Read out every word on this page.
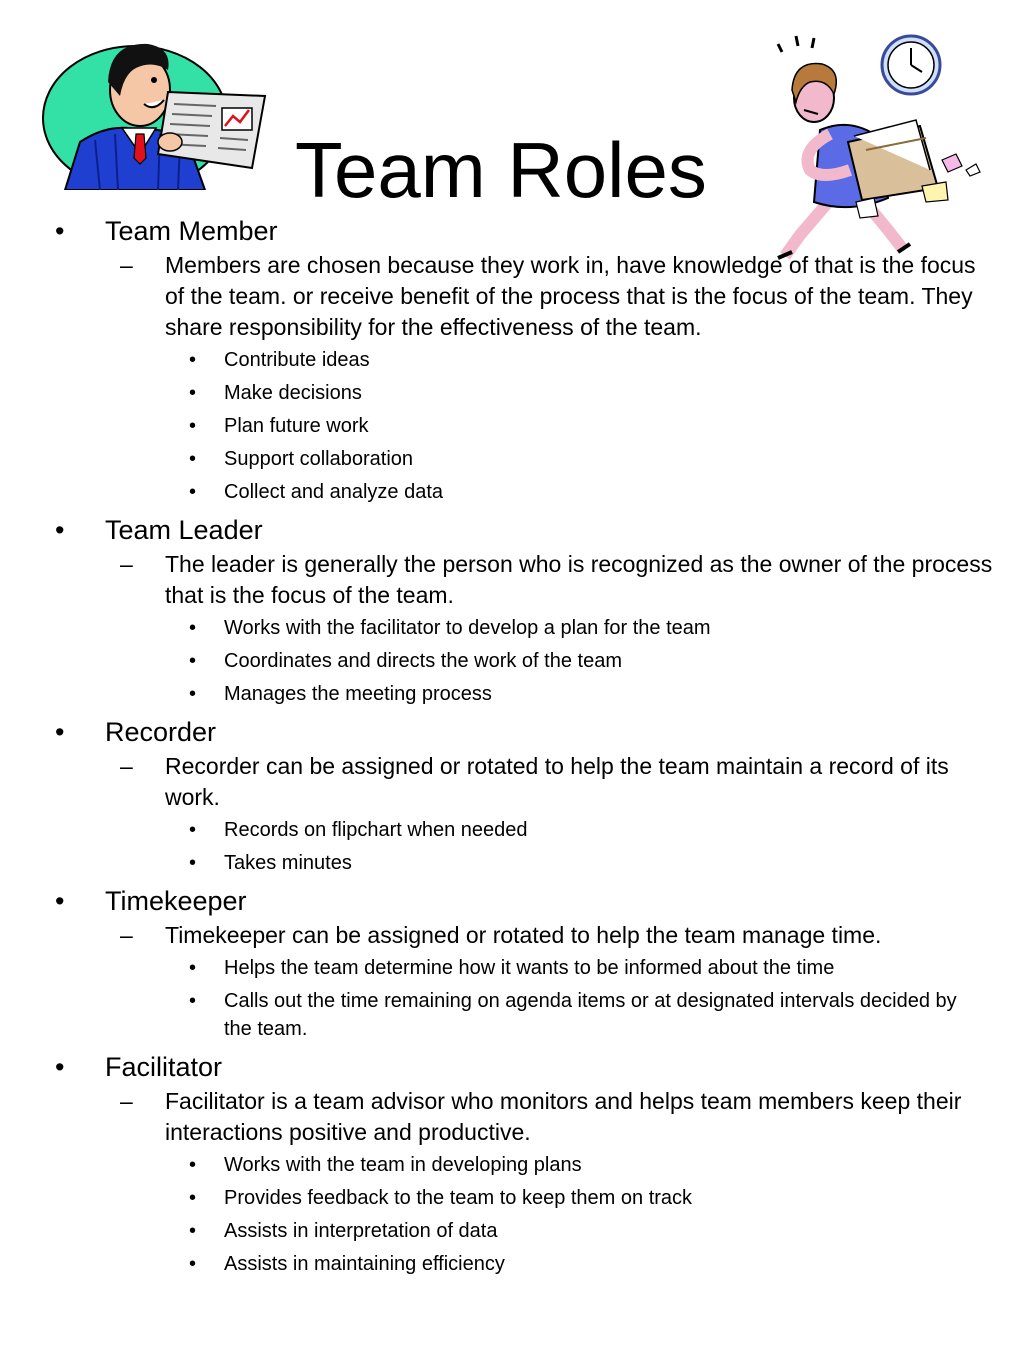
Team Roles
• Team Member
– Members are chosen because they work in, have knowledge of that is the focus of the team. or receive benefit of the process that is the focus of the team. They share responsibility for the effectiveness of the team.
• Contribute ideas
• Make decisions
• Plan future work
• Support collaboration
• Collect and analyze data
• Team Leader
– The leader is generally the person who is recognized as the owner of the process that is the focus of the team.
• Works with the facilitator to develop a plan for the team
• Coordinates and directs the work of the team
• Manages the meeting process
• Recorder
– Recorder can be assigned or rotated to help the team maintain a record of its work.
• Records on flipchart when needed
• Takes minutes
• Timekeeper
– Timekeeper can be assigned or rotated to help the team manage time.
• Helps the team determine how it wants to be informed about the time
• Calls out the time remaining on agenda items or at designated intervals decided by the team.
• Facilitator
– Facilitator is a team advisor who monitors and helps team members keep their interactions positive and productive.
• Works with the team in developing plans
• Provides feedback to the team to keep them on track
• Assists in interpretation of data
• Assists in maintaining efficiency
